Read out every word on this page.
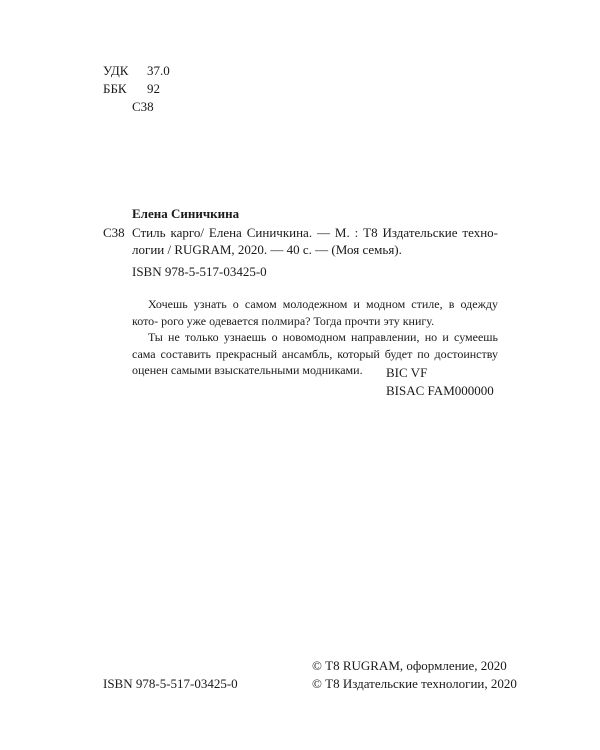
УДК 37.0
ББК 92
С38
Елена Синичкина
С38 Стиль карго/ Елена Синичкина. — М. : Т8 Издательские техно- логии / RUGRAM, 2020. — 40 с. — (Моя семья).
ISBN 978-5-517-03425-0

Хочешь узнать о самом молодежном и модном стиле, в одежду кото- рого уже одевается полмира? Тогда прочти эту книгу.

Ты не только узнаешь о новомодном направлении, но и сумеешь сама составить прекрасный ансамбль, который будет по достоинству оценен самыми взыскательными модниками.	BIC VF
BISAC FAM000000
© Т8 RUGRAM, оформление, 2020
© Т8 Издательские технологии, 2020
ISBN 978-5-517-03425-0
